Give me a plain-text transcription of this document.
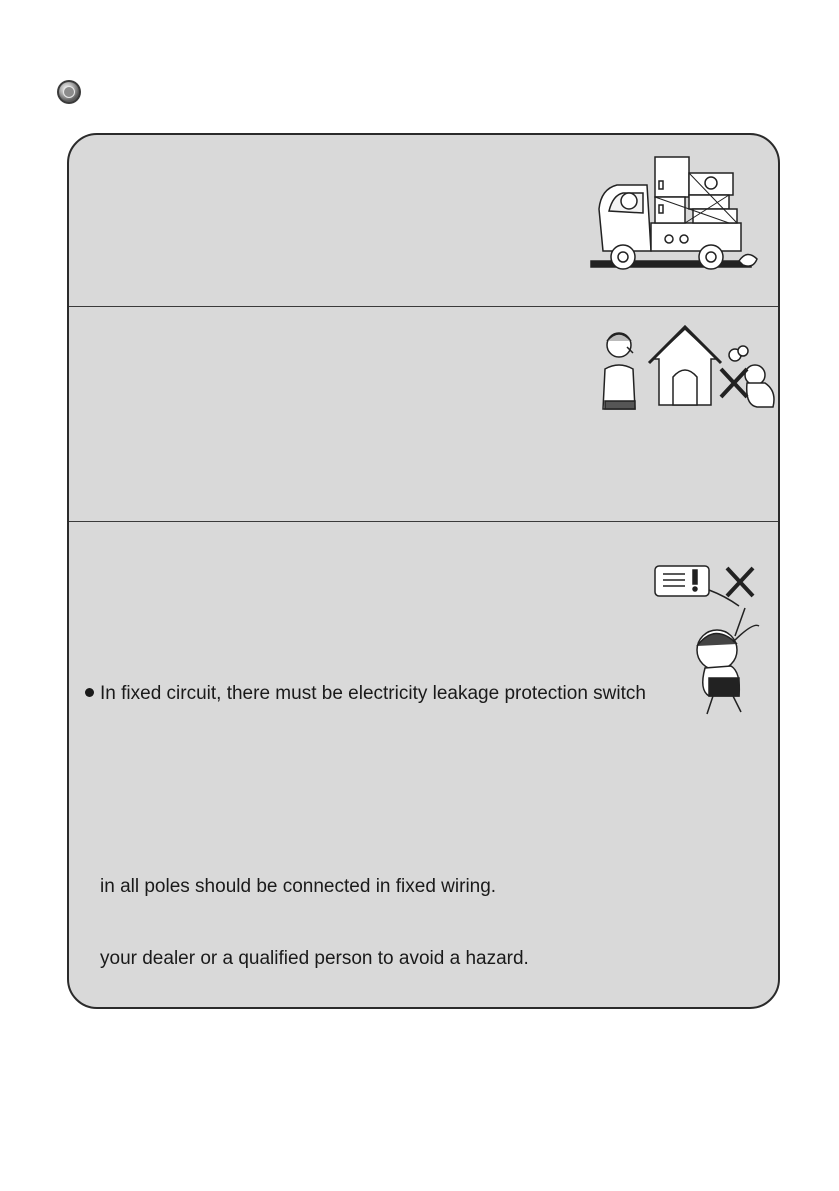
In fixed circuit, there must be electricity leakage protection switch
in all poles should be connected in fixed wiring.
your dealer or a qualified person to avoid a hazard.
